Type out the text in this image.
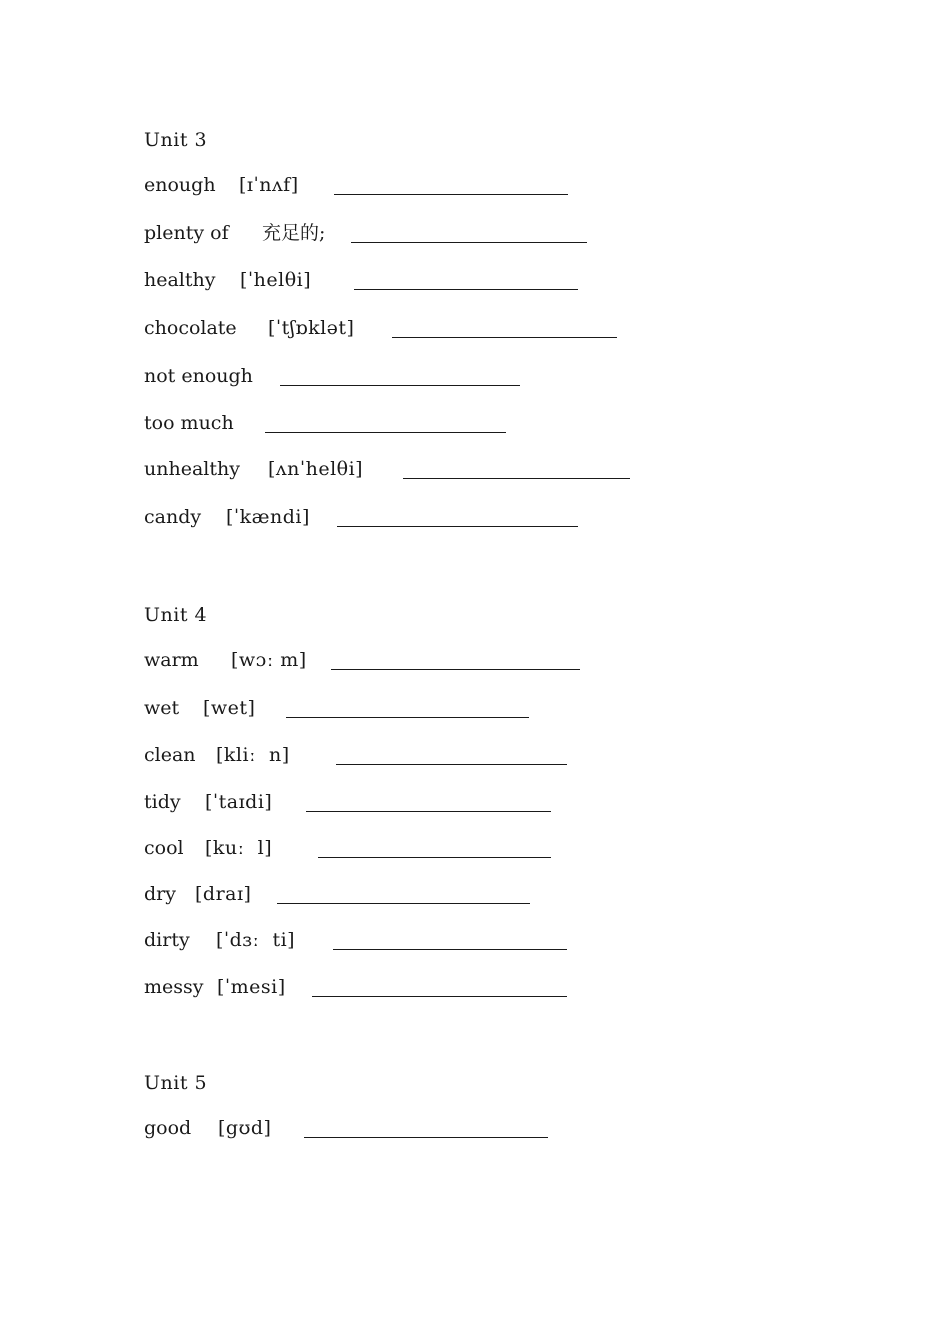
Unit 3
enough [ɪˈnʌf]
plenty of 充足的;
healthy [ˈhelθi]
chocolate [ˈtʃɒklət]
not enough
too much
unhealthy [ʌnˈhelθi]
candy [ˈkændi]
Unit 4
warm [wɔː m]
wet [wet]
clean [kliː  n]
tidy [ˈtaɪdi]
cool [kuː  l]
dry [draɪ]
dirty [ˈdɜː  ti]
messy [ˈmesi]
Unit 5
good [gʊd]
